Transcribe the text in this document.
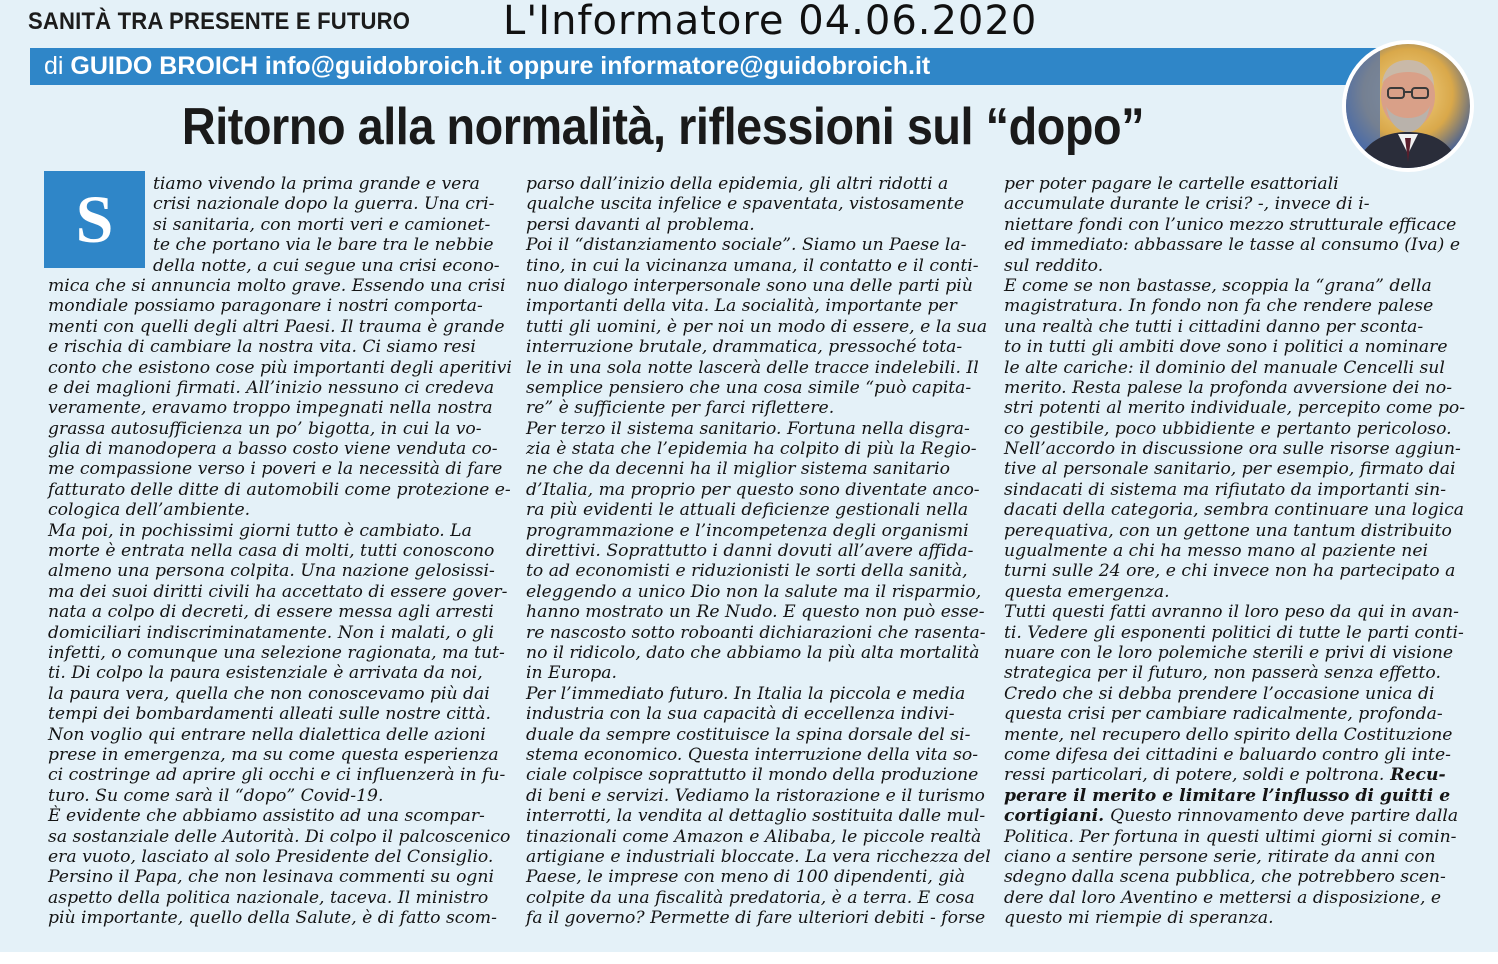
SANITÀ TRA PRESENTE E FUTURO L'Informatore 04.06.2020
di GUIDO BROICH info@guidobroich.it oppure informatore@guidobroich.it
Ritorno alla normalità, riflessioni sul “dopo”
S	tiamo vivendo la prima grande e vera
crisi nazionale dopo la guerra. Una cri-
si sanitaria, con morti veri e camionet-
te che portano via le bare tra le nebbie
della notte, a cui segue una crisi econo-
mica che si annuncia molto grave. Essendo una crisi
mondiale possiamo paragonare i nostri comporta-
menti con quelli degli altri Paesi. Il trauma è grande
e rischia di cambiare la nostra vita. Ci siamo resi
conto che esistono cose più importanti degli aperitivi
e dei maglioni firmati. All’inizio nessuno ci credeva
veramente, eravamo troppo impegnati nella nostra
grassa autosufficienza un po’ bigotta, in cui la vo-
glia di manodopera a basso costo viene venduta co-
me compassione verso i poveri e la necessità di fare
fatturato delle ditte di automobili come protezione e-
cologica dell’ambiente.
Ma poi, in pochissimi giorni tutto è cambiato. La
morte è entrata nella casa di molti, tutti conoscono
almeno una persona colpita. Una nazione gelosissi-
ma dei suoi diritti civili ha accettato di essere gover-
nata a colpo di decreti, di essere messa agli arresti
domiciliari indiscriminatamente. Non i malati, o gli
infetti, o comunque una selezione ragionata, ma tut-
ti. Di colpo la paura esistenziale è arrivata da noi,
la paura vera, quella che non conoscevamo più dai
tempi dei bombardamenti alleati sulle nostre città.
Non voglio qui entrare nella dialettica delle azioni
prese in emergenza, ma su come questa esperienza
ci costringe ad aprire gli occhi e ci influenzerà in fu-
turo. Su come sarà il “dopo” Covid-19.
È evidente che abbiamo assistito ad una scompar-
sa sostanziale delle Autorità. Di colpo il palcoscenico
era vuoto, lasciato al solo Presidente del Consiglio.
Persino il Papa, che non lesinava commenti su ogni
aspetto della politica nazionale, taceva. Il ministro
più importante, quello della Salute, è di fatto scom-
parso dall’inizio della epidemia, gli altri ridotti a
qualche uscita infelice e spaventata, vistosamente
persi davanti al problema.
Poi il “distanziamento sociale”. Siamo un Paese la-
tino, in cui la vicinanza umana, il contatto e il conti-
nuo dialogo interpersonale sono una delle parti più
importanti della vita. La socialità, importante per
tutti gli uomini, è per noi un modo di essere, e la sua
interruzione brutale, drammatica, pressoché tota-
le in una sola notte lascerà delle tracce indelebili. Il
semplice pensiero che una cosa simile “può capita-
re” è sufficiente per farci riflettere.
Per terzo il sistema sanitario. Fortuna nella disgra-
zia è stata che l’epidemia ha colpito di più la Regio-
ne che da decenni ha il miglior sistema sanitario
d’Italia, ma proprio per questo sono diventate anco-
ra più evidenti le attuali deficienze gestionali nella
programmazione e l’incompetenza degli organismi
direttivi. Soprattutto i danni dovuti all’avere affida-
to ad economisti e riduzionisti le sorti della sanità,
eleggendo a unico Dio non la salute ma il risparmio,
hanno mostrato un Re Nudo. E questo non può esse-
re nascosto sotto roboanti dichiarazioni che rasenta-
no il ridicolo, dato che abbiamo la più alta mortalità
in Europa.
Per l’immediato futuro. In Italia la piccola e media
industria con la sua capacità di eccellenza indivi-
duale da sempre costituisce la spina dorsale del si-
stema economico. Questa interruzione della vita so-
ciale colpisce soprattutto il mondo della produzione
di beni e servizi. Vediamo la ristorazione e il turismo
interrotti, la vendita al dettaglio sostituita dalle mul-
tinazionali come Amazon e Alibaba, le piccole realtà
artigiane e industriali bloccate. La vera ricchezza del
Paese, le imprese con meno di 100 dipendenti, già
colpite da una fiscalità predatoria, è a terra. E cosa
fa il governo? Permette di fare ulteriori debiti - forse
per poter pagare le cartelle esattoriali
accumulate durante le crisi? -, invece di i-
niettare fondi con l’unico mezzo strutturale efficace
ed immediato: abbassare le tasse al consumo (Iva) e
sul reddito.
E come se non bastasse, scoppia la “grana” della
magistratura. In fondo non fa che rendere palese
una realtà che tutti i cittadini danno per sconta-
to in tutti gli ambiti dove sono i politici a nominare
le alte cariche: il dominio del manuale Cencelli sul
merito. Resta palese la profonda avversione dei no-
stri potenti al merito individuale, percepito come po-
co gestibile, poco ubbidiente e pertanto pericoloso.
Nell’accordo in discussione ora sulle risorse aggiun-
tive al personale sanitario, per esempio, firmato dai
sindacati di sistema ma rifiutato da importanti sin-
dacati della categoria, sembra continuare una logica
perequativa, con un gettone una tantum distribuito
ugualmente a chi ha messo mano al paziente nei
turni sulle 24 ore, e chi invece non ha partecipato a
questa emergenza.
Tutti questi fatti avranno il loro peso da qui in avan-
ti. Vedere gli esponenti politici di tutte le parti conti-
nuare con le loro polemiche sterili e privi di visione
strategica per il futuro, non passerà senza effetto.
Credo che si debba prendere l’occasione unica di
questa crisi per cambiare radicalmente, profonda-
mente, nel recupero dello spirito della Costituzione
come difesa dei cittadini e baluardo contro gli inte-
ressi particolari, di potere, soldi e poltrona. Recu-
perare il merito e limitare l’influsso di guitti e
cortigiani. Questo rinnovamento deve partire dalla
Politica. Per fortuna in questi ultimi giorni si comin-
ciano a sentire persone serie, ritirate da anni con
sdegno dalla scena pubblica, che potrebbero scen-
dere dal loro Aventino e mettersi a disposizione, e
questo mi riempie di speranza.
